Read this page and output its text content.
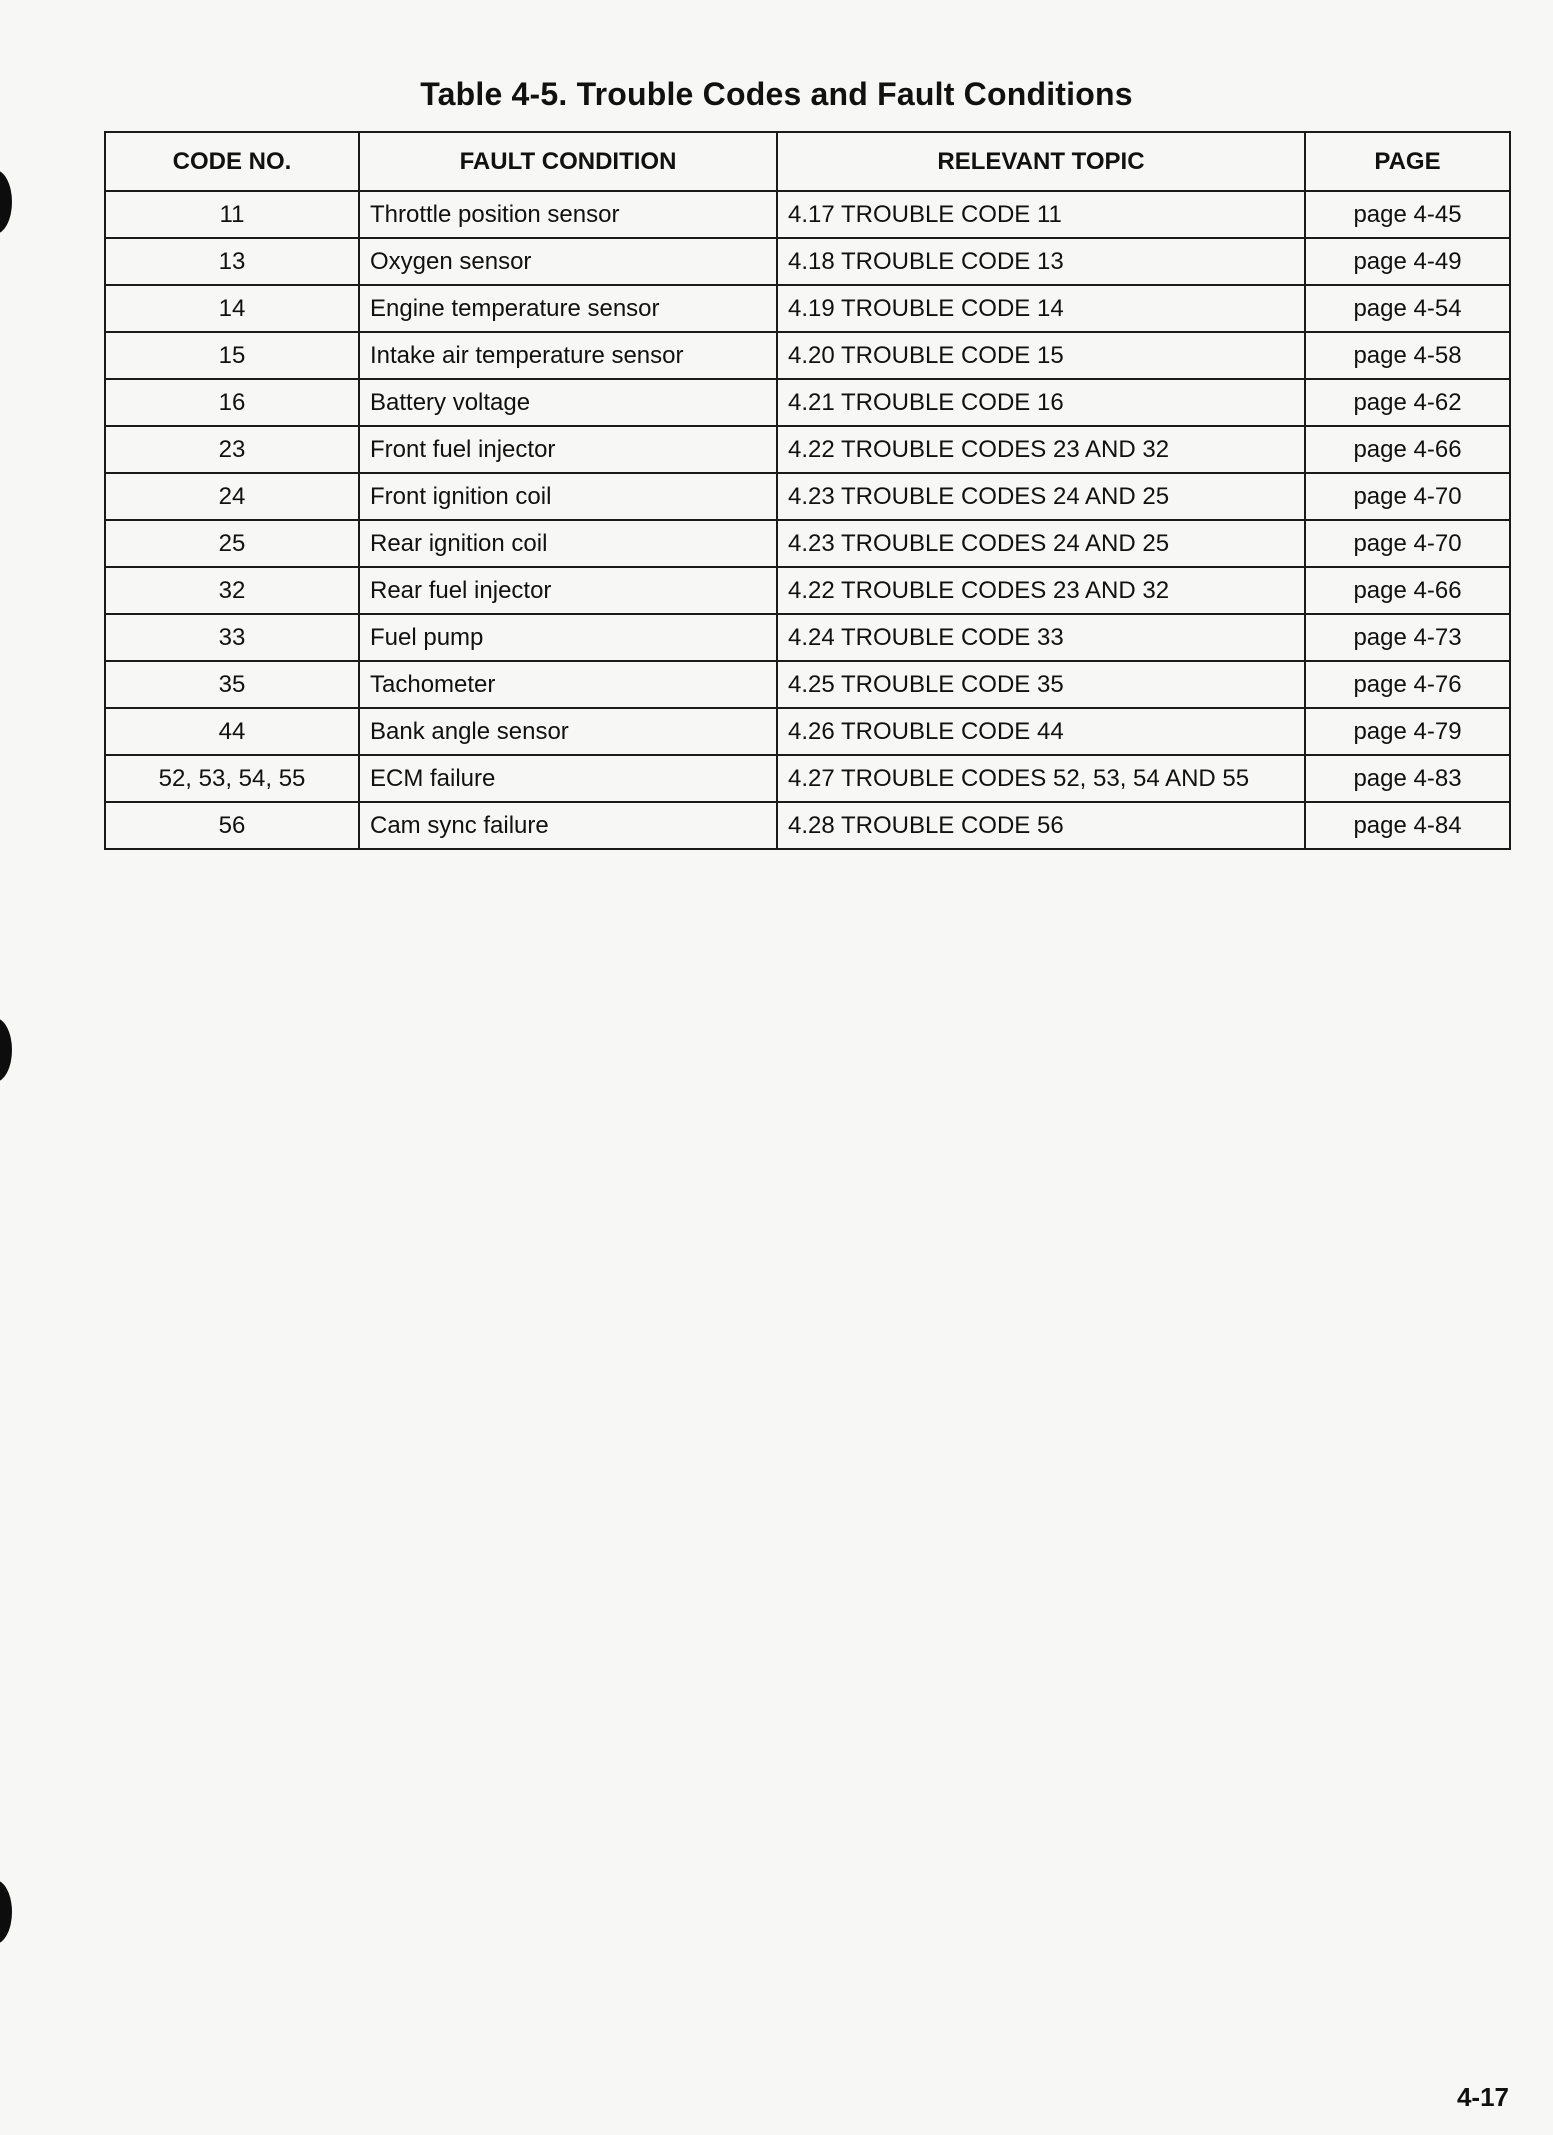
Table 4-5. Trouble Codes and Fault Conditions
CODE NO.	FAULT CONDITION	RELEVANT TOPIC	PAGE
11	Throttle position sensor	4.17 TROUBLE CODE 11	page 4-45
13	Oxygen sensor	4.18 TROUBLE CODE 13	page 4-49
14	Engine temperature sensor	4.19 TROUBLE CODE 14	page 4-54
15	Intake air temperature sensor	4.20 TROUBLE CODE 15	page 4-58
16	Battery voltage	4.21 TROUBLE CODE 16	page 4-62
23	Front fuel injector	4.22 TROUBLE CODES 23 AND 32	page 4-66
24	Front ignition coil	4.23 TROUBLE CODES 24 AND 25	page 4-70
25	Rear ignition coil	4.23 TROUBLE CODES 24 AND 25	page 4-70
32	Rear fuel injector	4.22 TROUBLE CODES 23 AND 32	page 4-66
33	Fuel pump	4.24 TROUBLE CODE 33	page 4-73
35	Tachometer	4.25 TROUBLE CODE 35	page 4-76
44	Bank angle sensor	4.26 TROUBLE CODE 44	page 4-79
52, 53, 54, 55	ECM failure	4.27 TROUBLE CODES 52, 53, 54 AND 55	page 4-83
56	Cam sync failure	4.28 TROUBLE CODE 56	page 4-84
4-17
